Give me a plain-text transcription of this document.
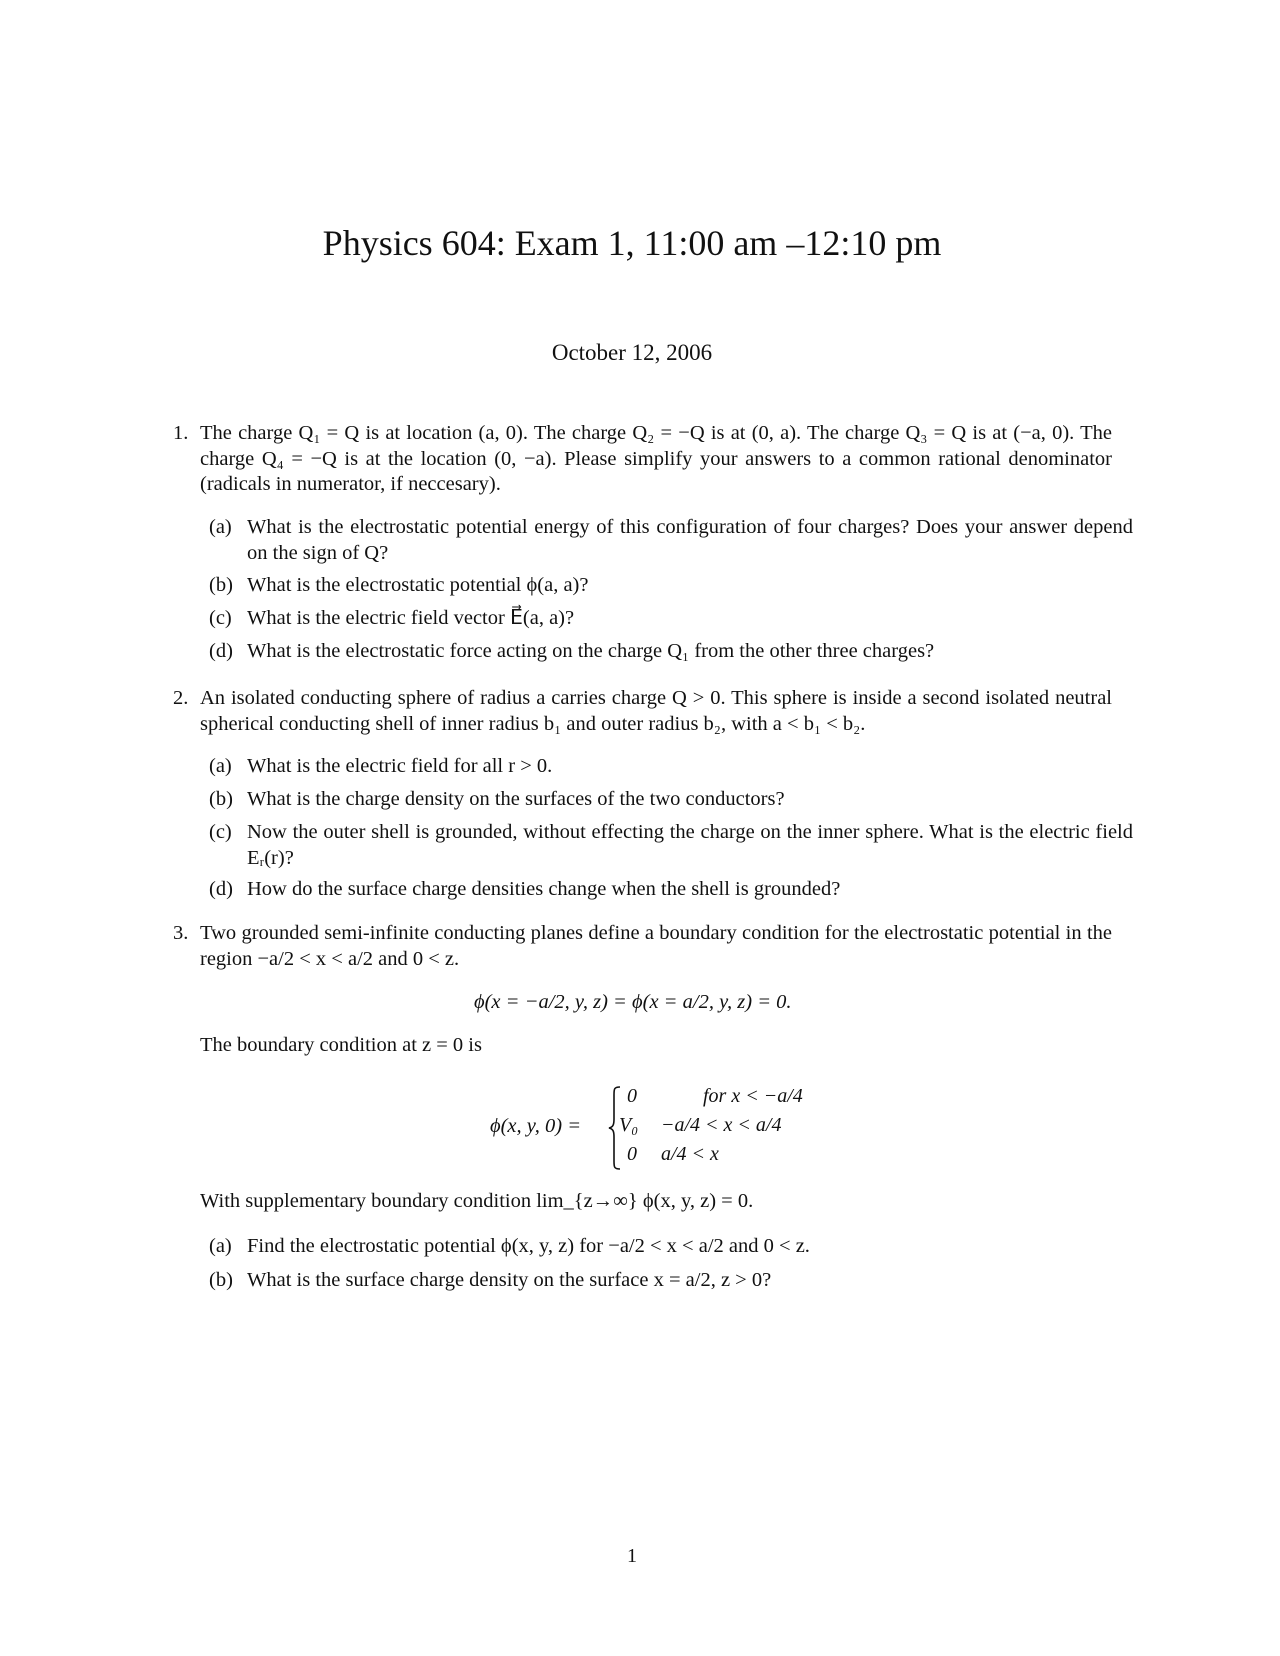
Physics 604: Exam 1, 11:00 am –12:10 pm
October 12, 2006
1. The charge Q₁ = Q is at location (a, 0). The charge Q₂ = −Q is at (0, a). The charge Q₃ = Q is at (−a, 0). The charge Q₄ = −Q is at the location (0, −a). Please simplify your answers to a common rational denominator (radicals in numerator, if neccesary).
(a) What is the electrostatic potential energy of this configuration of four charges? Does your answer depend on the sign of Q?
(b) What is the electrostatic potential ϕ(a, a)?
(c) What is the electric field vector E⃗(a, a)?
(d) What is the electrostatic force acting on the charge Q₁ from the other three charges?
2. An isolated conducting sphere of radius a carries charge Q > 0. This sphere is inside a second isolated neutral spherical conducting shell of inner radius b₁ and outer radius b₂, with a < b₁ < b₂.
(a) What is the electric field for all r > 0.
(b) What is the charge density on the surfaces of the two conductors?
(c) Now the outer shell is grounded, without effecting the charge on the inner sphere. What is the electric field Eᵣ(r)?
(d) How do the surface charge densities change when the shell is grounded?
3. Two grounded semi-infinite conducting planes define a boundary condition for the electrostatic potential in the region −a/2 < x < a/2 and 0 < z.
ϕ(x = −a/2, y, z) = ϕ(x = a/2, y, z) = 0.
The boundary condition at z = 0 is
ϕ(x, y, 0) =
0	for x < −a/4
V₀ −a/4 < x < a/4
0 a/4 < x
With supplementary boundary condition lim_{z→∞} ϕ(x, y, z) = 0.
(a) Find the electrostatic potential ϕ(x, y, z) for −a/2 < x < a/2 and 0 < z.
(b) What is the surface charge density on the surface x = a/2, z > 0?
1
